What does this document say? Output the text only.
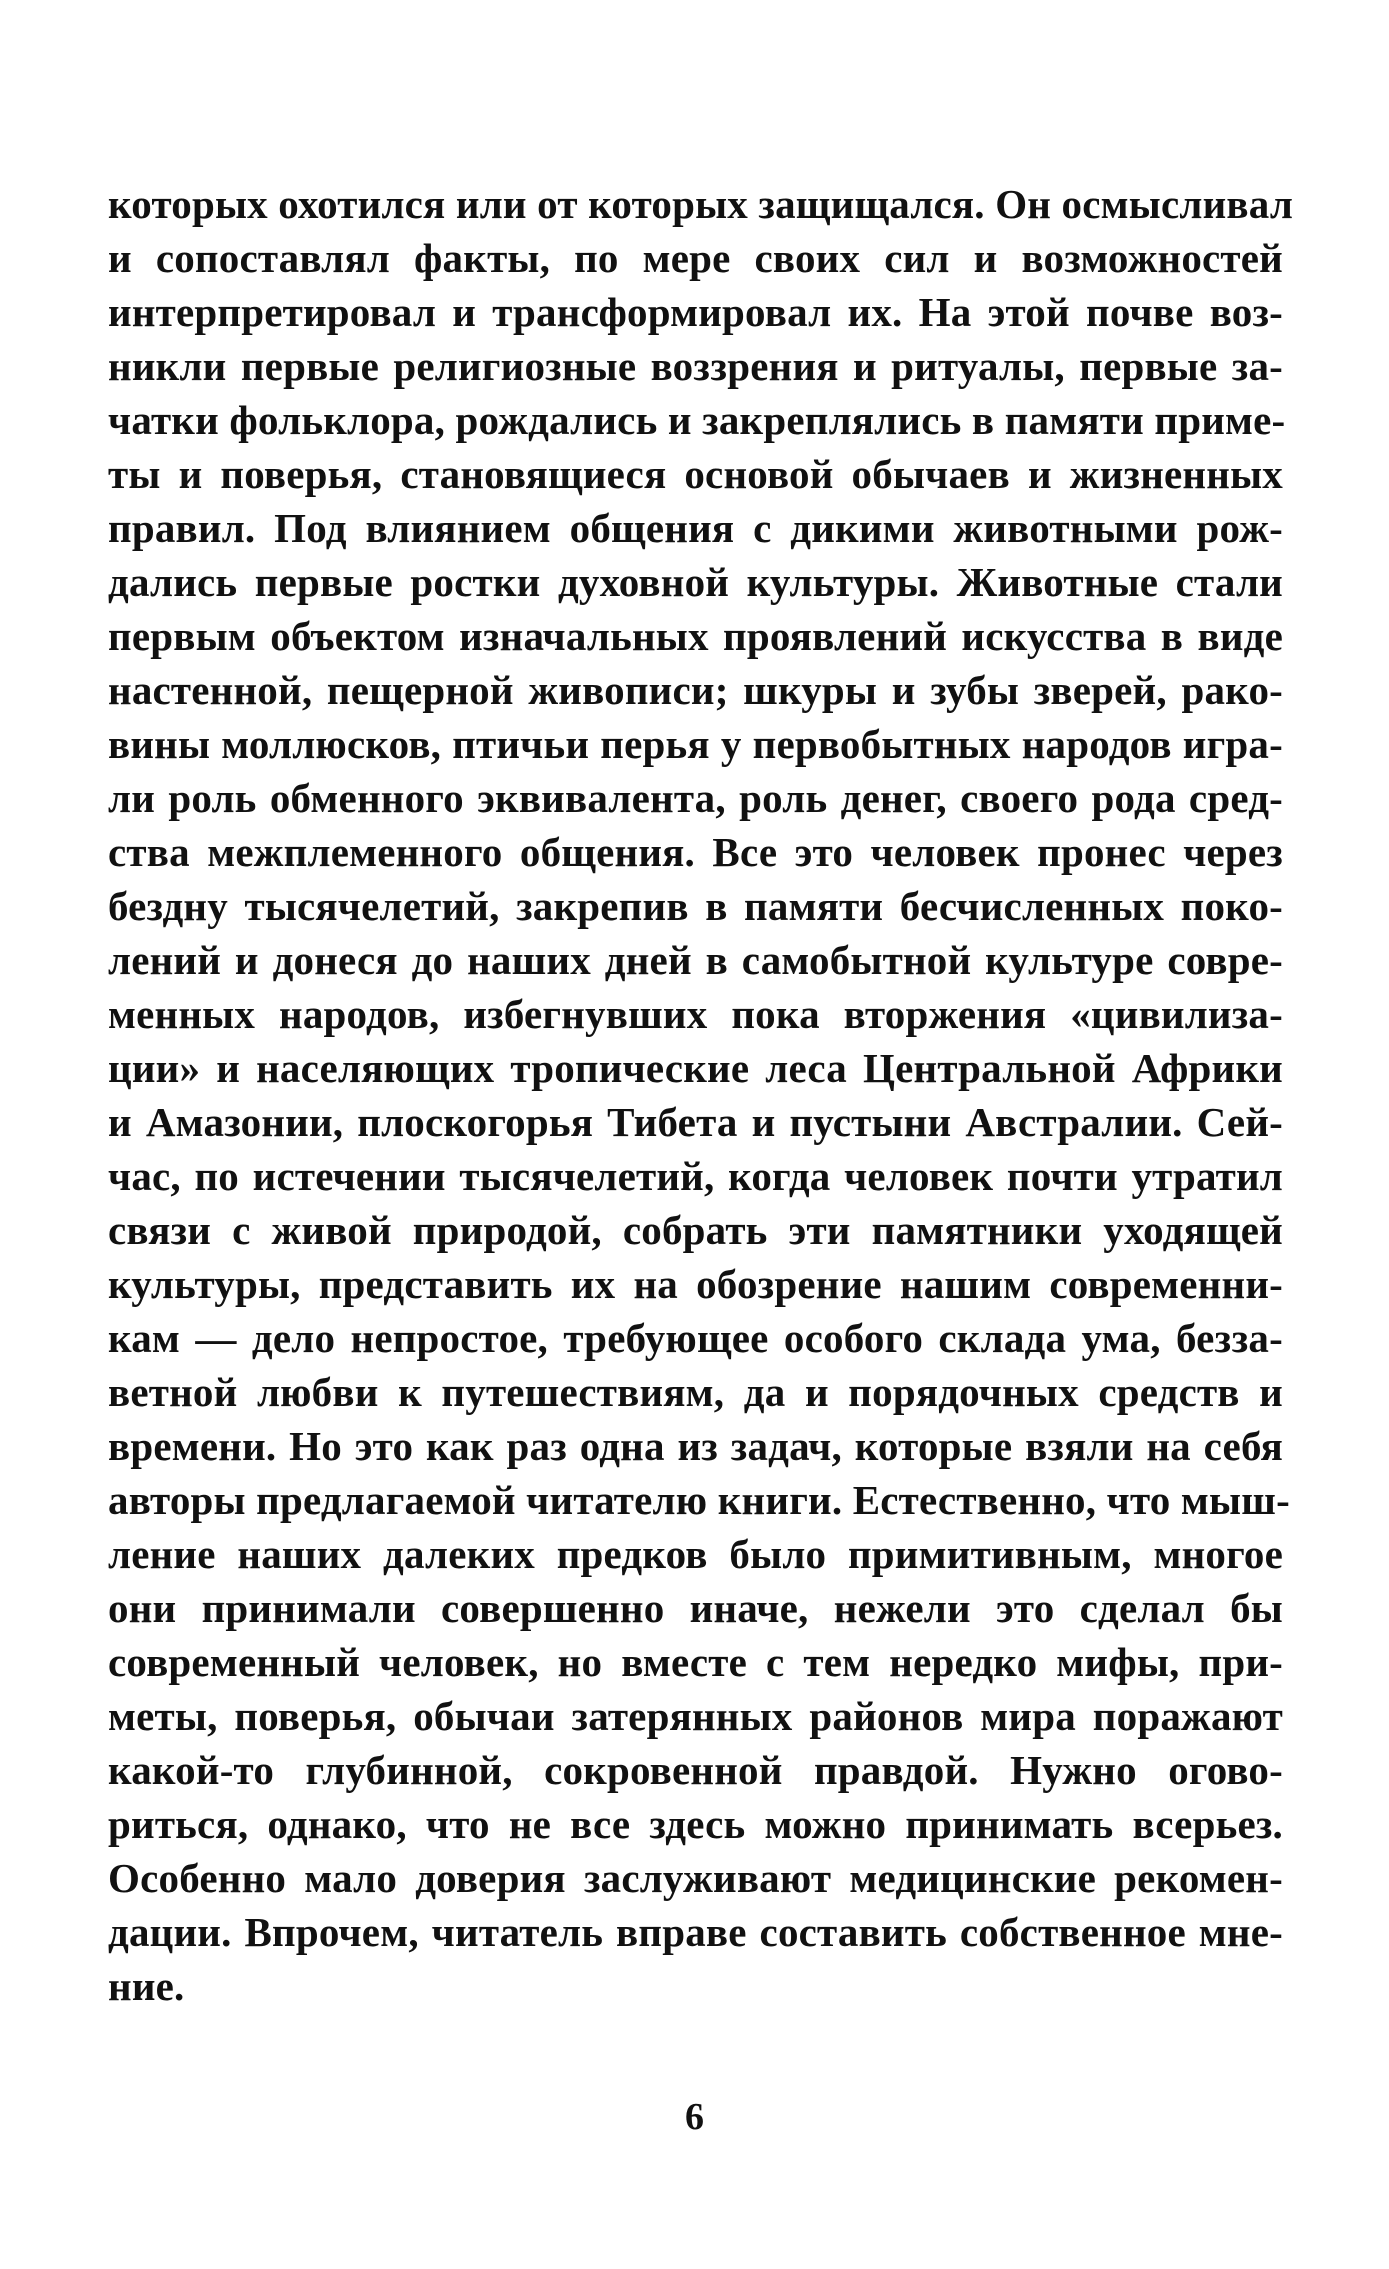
которых охотился или от которых защищался. Он осмысливал
и сопоставлял факты, по мере своих сил и возможностей
интерпретировал и трансформировал их. На этой почве воз-
никли первые религиозные воззрения и ритуалы, первые за-
чатки фольклора, рождались и закреплялись в памяти приме-
ты и поверья, становящиеся основой обычаев и жизненных
правил. Под влиянием общения с дикими животными рож-
дались первые ростки духовной культуры. Животные стали
первым объектом изначальных проявлений искусства в виде
настенной, пещерной живописи; шкуры и зубы зверей, рако-
вины моллюсков, птичьи перья у первобытных народов игра-
ли роль обменного эквивалента, роль денег, своего рода сред-
ства межплеменного общения. Все это человек пронес через
бездну тысячелетий, закрепив в памяти бесчисленных поко-
лений и донеся до наших дней в самобытной культуре совре-
менных народов, избегнувших пока вторжения «цивилиза-
ции» и населяющих тропические леса Центральной Африки
и Амазонии, плоскогорья Тибета и пустыни Австралии. Сей-
час, по истечении тысячелетий, когда человек почти утратил
связи с живой природой, собрать эти памятники уходящей
культуры, представить их на обозрение нашим современни-
кам — дело непростое, требующее особого склада ума, безза-
ветной любви к путешествиям, да и порядочных средств и
времени. Но это как раз одна из задач, которые взяли на себя
авторы предлагаемой читателю книги. Естественно, что мыш-
ление наших далеких предков было примитивным, многое
они принимали совершенно иначе, нежели это сделал бы
современный человек, но вместе с тем нередко мифы, при-
меты, поверья, обычаи затерянных районов мира поражают
какой-то глубинной, сокровенной правдой. Нужно огово-
риться, однако, что не все здесь можно принимать всерьез.
Особенно мало доверия заслуживают медицинские рекомен-
дации. Впрочем, читатель вправе составить собственное мне-
ние.
6
